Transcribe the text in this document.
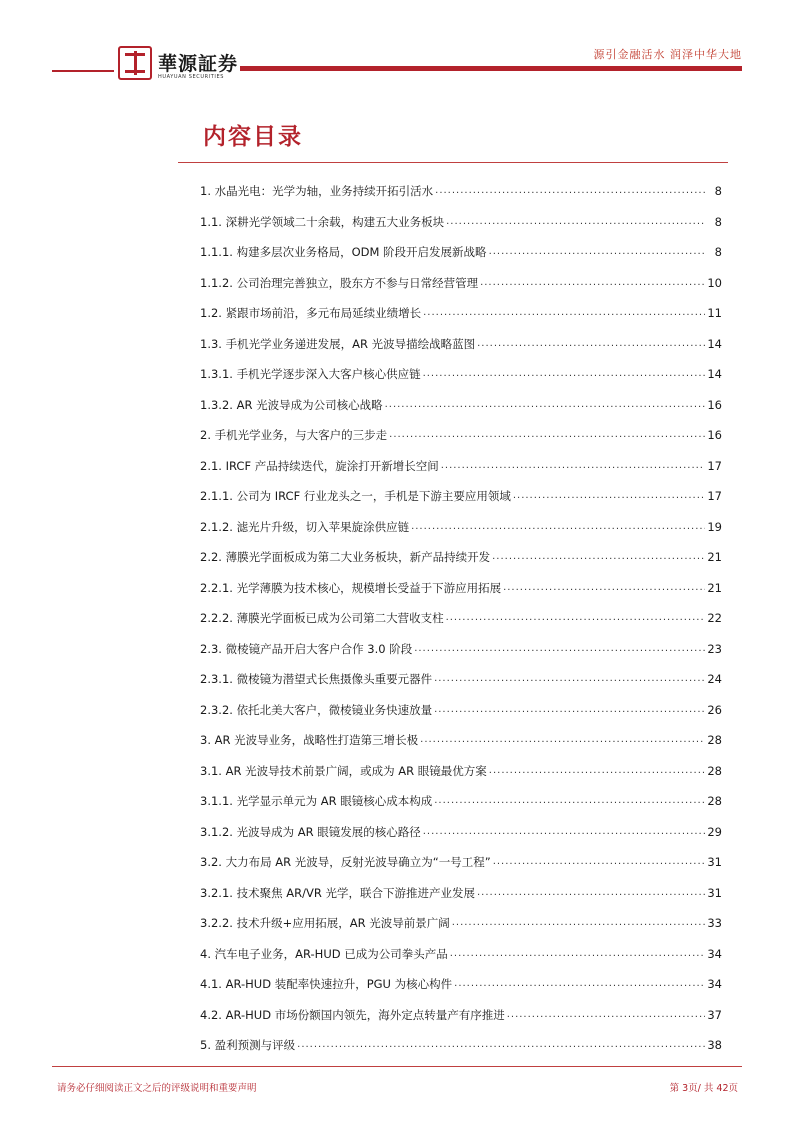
華源証券
HUAYUAN SECURITIES
源引金融活水 润泽中华大地
内容目录
1. 水晶光电：光学为轴，业务持续开拓引活水 .....	8
1.1. 深耕光学领域二十余载，构建五大业务板块 .....	8
1.1.1. 构建多层次业务格局，ODM 阶段开启发展新战略 .....	8
1.1.2. 公司治理完善独立，股东方不参与日常经营管理 .....	10
1.2. 紧跟市场前沿，多元布局延续业绩增长 .....	11
1.3. 手机光学业务递进发展，AR 光波导描绘战略蓝图 .....	14
1.3.1. 手机光学逐步深入大客户核心供应链 .....	14
1.3.2. AR 光波导成为公司核心战略 .....	16
2. 手机光学业务，与大客户的三步走 .....	16
2.1. IRCF 产品持续迭代，旋涂打开新增长空间 .....	17
2.1.1. 公司为 IRCF 行业龙头之一，手机是下游主要应用领域 .....	17
2.1.2. 滤光片升级，切入苹果旋涂供应链 .....	19
2.2. 薄膜光学面板成为第二大业务板块，新产品持续开发 .....	21
2.2.1. 光学薄膜为技术核心，规模增长受益于下游应用拓展 .....	21
2.2.2. 薄膜光学面板已成为公司第二大营收支柱 .....	22
2.3. 微棱镜产品开启大客户合作 3.0 阶段 .....	23
2.3.1. 微棱镜为潜望式长焦摄像头重要元器件 .....	24
2.3.2. 依托北美大客户，微棱镜业务快速放量 .....	26
3. AR 光波导业务，战略性打造第三增长极 .....	28
3.1. AR 光波导技术前景广阔，或成为 AR 眼镜最优方案 .....	28
3.1.1. 光学显示单元为 AR 眼镜核心成本构成 .....	28
3.1.2. 光波导成为 AR 眼镜发展的核心路径 .....	29
3.2. 大力布局 AR 光波导，反射光波导确立为“一号工程” .....	31
3.2.1. 技术聚焦 AR/VR 光学，联合下游推进产业发展 .....	31
3.2.2. 技术升级+应用拓展，AR 光波导前景广阔 .....	33
4. 汽车电子业务，AR-HUD 已成为公司拳头产品 .....	34
4.1. AR-HUD 装配率快速拉升，PGU 为核心构件 .....	34
4.2. AR-HUD 市场份额国内领先，海外定点转量产有序推进 .....	37
5. 盈利预测与评级 .....	38
请务必仔细阅读正文之后的评级说明和重要声明	第 3页/ 共 42页
